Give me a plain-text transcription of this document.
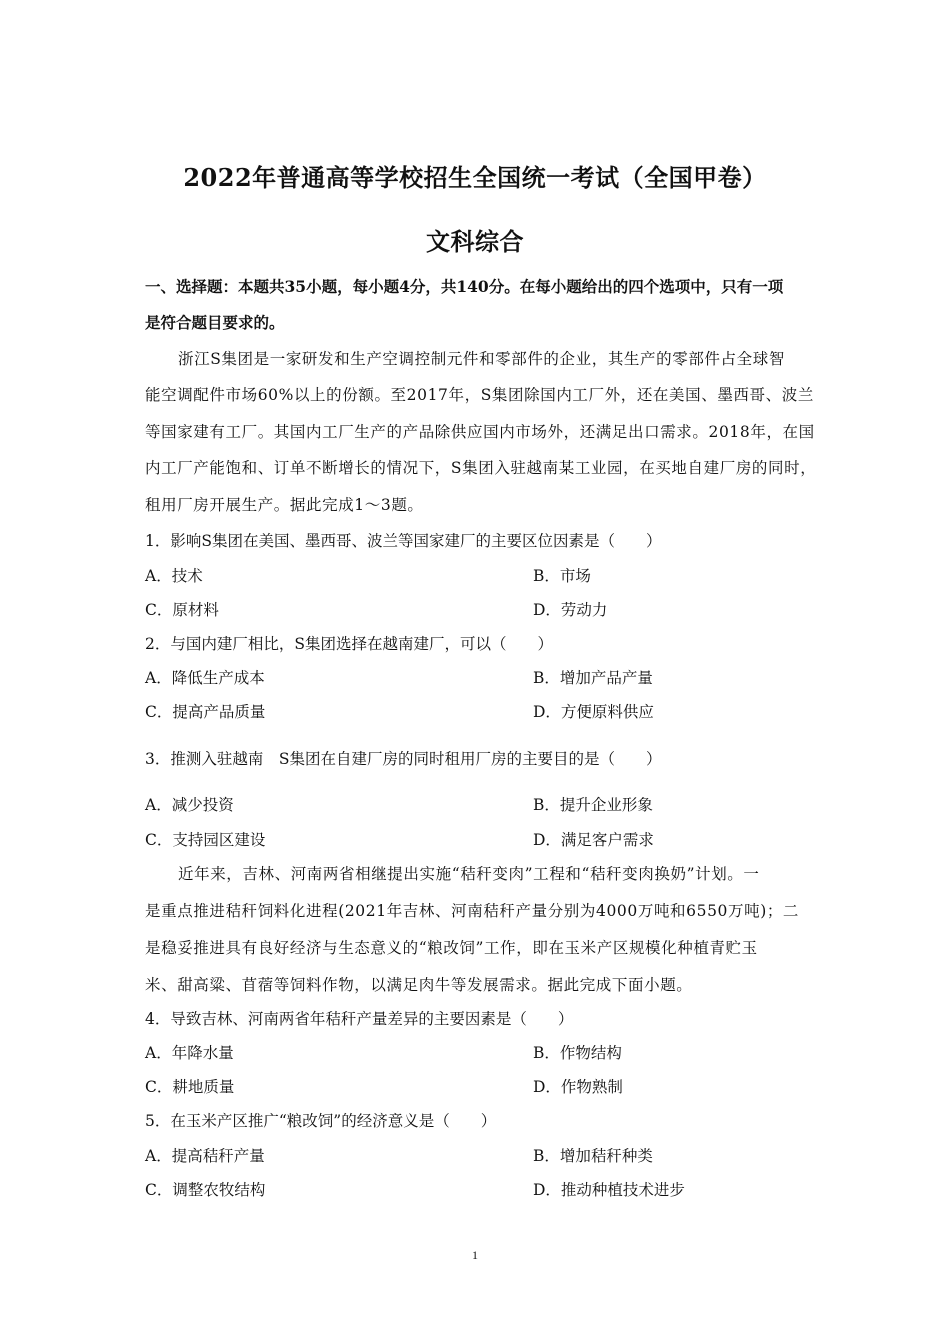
2022年普通高等学校招生全国统一考试（全国甲卷）
文科综合
一、选择题：本题共35小题，每小题4分，共140分。在每小题给出的四个选项中，只有一项
是符合题目要求的。
浙江S集团是一家研发和生产空调控制元件和零部件的企业，其生产的零部件占全球智
能空调配件市场60%以上的份额。至2017年，S集团除国内工厂外，还在美国、墨西哥、波兰
等国家建有工厂。其国内工厂生产的产品除供应国内市场外，还满足出口需求。2018年，在国
内工厂产能饱和、订单不断增长的情况下，S集团入驻越南某工业园，在买地自建厂房的同时，
租用厂房开展生产。据此完成1～3题。
1．影响S集团在美国、墨西哥、波兰等国家建厂的主要区位因素是（　　）
A．技术	B．市场
C．原材料	D．劳动力
2．与国内建厂相比，S集团选择在越南建厂，可以（　　）
A．降低生产成本	B．增加产品产量
C．提高产品质量	D．方便原料供应
3．推测入驻越南　S集团在自建厂房的同时租用厂房的主要目的是（　　）
A．减少投资	B．提升企业形象
C．支持园区建设	D．满足客户需求
近年来，吉林、河南两省相继提出实施“秸秆变肉”工程和“秸秆变肉换奶”计划。一
是重点推进秸秆饲料化进程(2021年吉林、河南秸秆产量分别为4000万吨和6550万吨)；二
是稳妥推进具有良好经济与生态意义的“粮改饲”工作，即在玉米产区规模化种植青贮玉
米、甜高粱、苜蓿等饲料作物，以满足肉牛等发展需求。据此完成下面小题。
4．导致吉林、河南两省年秸秆产量差异的主要因素是（　　）
A．年降水量	B．作物结构
C．耕地质量	D．作物熟制
5．在玉米产区推广“粮改饲”的经济意义是（　　）
A．提高秸秆产量	B．增加秸秆种类
C．调整农牧结构	D．推动种植技术进步
1
